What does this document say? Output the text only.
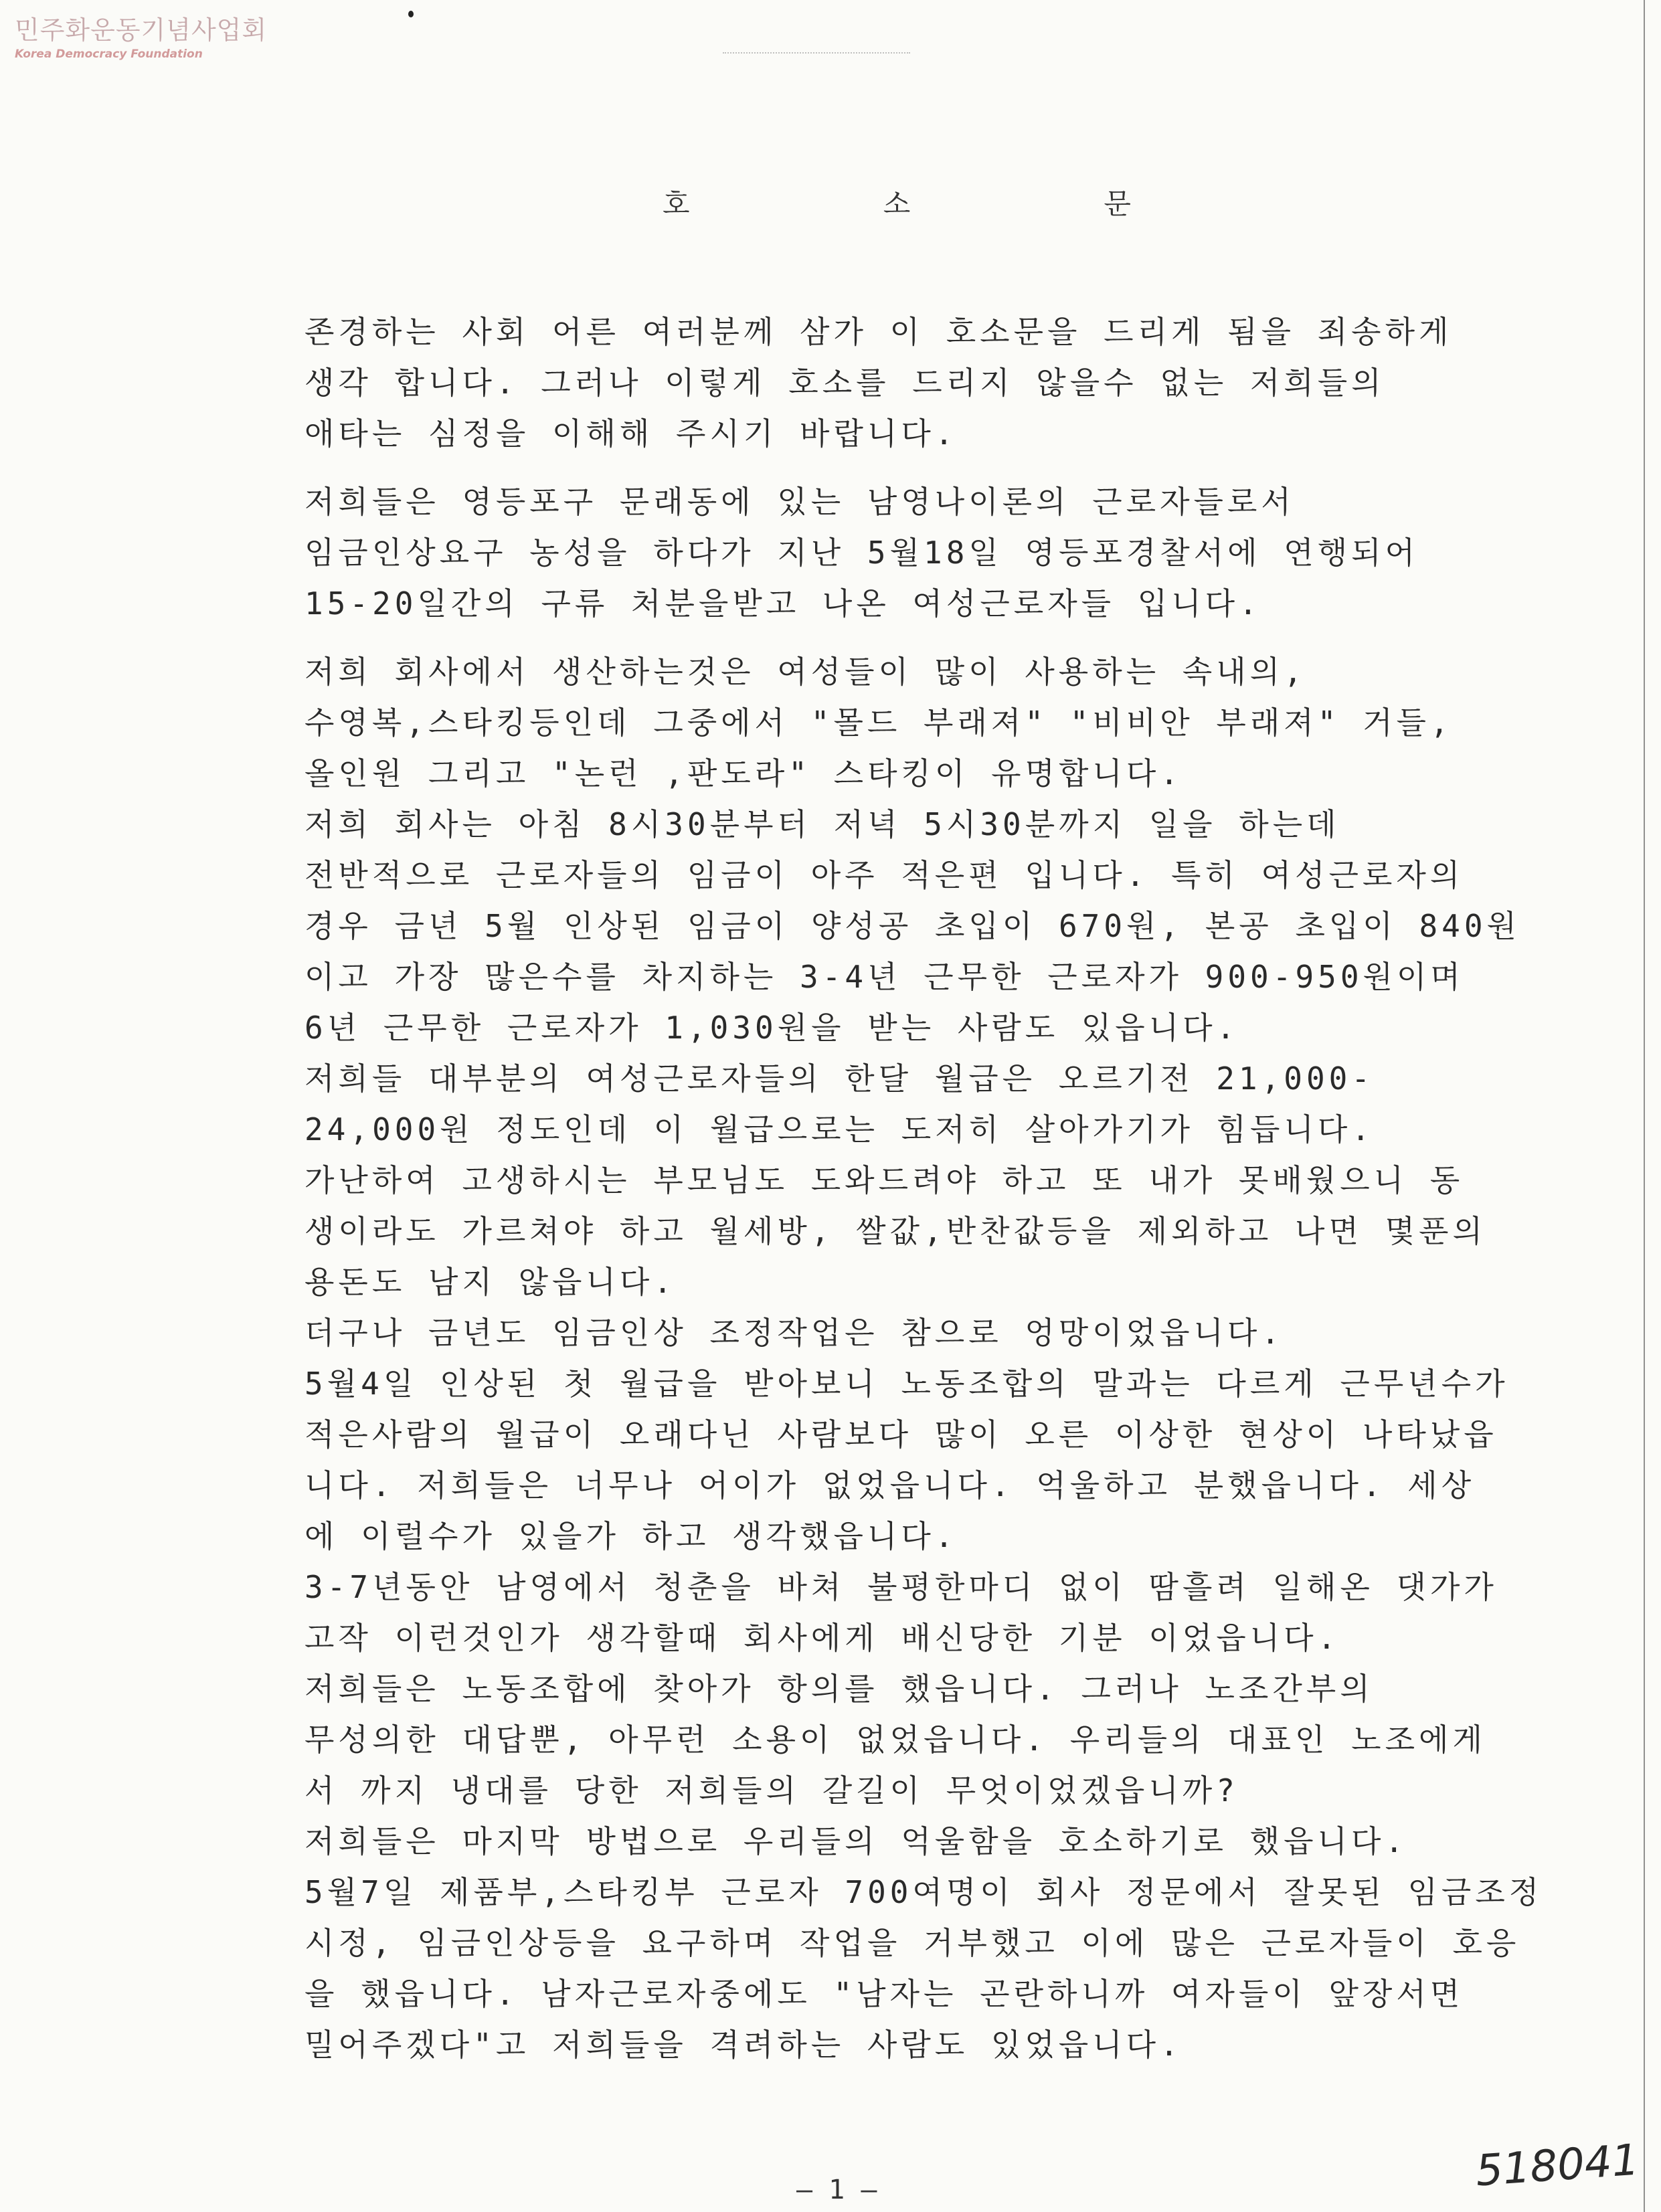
민주화운동기념사업회
Korea Democracy Foundation
호	소	문
존경하는 사회 어른 여러분께 삼가 이 호소문을 드리게 됨을 죄송하게
생각 합니다. 그러나 이렇게 호소를 드리지 않을수 없는 저희들의
애타는 심정을 이해해 주시기 바랍니다.
저희들은 영등포구 문래동에 있는 남영나이론의 근로자들로서
임금인상요구 농성을 하다가 지난 5월18일 영등포경찰서에 연행되어
15-20일간의 구류 처분을받고 나온 여성근로자들 입니다.
저희 회사에서 생산하는것은 여성들이 많이 사용하는 속내의,
수영복,스타킹등인데 그중에서 "몰드 부래져" "비비안 부래져" 거들,
올인원 그리고 "논런 ,판도라" 스타킹이 유명합니다.
저희 회사는 아침 8시30분부터 저녁 5시30분까지 일을 하는데
전반적으로 근로자들의 임금이 아주 적은편 입니다. 특히 여성근로자의
경우 금년 5월 인상된 임금이 양성공 초입이 670원, 본공 초입이 840원
이고 가장 많은수를 차지하는 3-4년 근무한 근로자가 900-950원이며
6년 근무한 근로자가 1,030원을 받는 사람도 있읍니다.
저희들 대부분의 여성근로자들의 한달 월급은 오르기전 21,000-
24,000원 정도인데 이 월급으로는 도저히 살아가기가 힘듭니다.
가난하여 고생하시는 부모님도 도와드려야 하고 또 내가 못배웠으니 동
생이라도 가르쳐야 하고 월세방, 쌀값,반찬값등을 제외하고 나면 몇푼의
용돈도 남지 않읍니다.
더구나 금년도 임금인상 조정작업은 참으로 엉망이었읍니다.
5월4일 인상된 첫 월급을 받아보니 노동조합의 말과는 다르게 근무년수가
적은사람의 월급이 오래다닌 사람보다 많이 오른 이상한 현상이 나타났읍
니다. 저희들은 너무나 어이가 없었읍니다. 억울하고 분했읍니다. 세상
에 이럴수가 있을가 하고 생각했읍니다.
3-7년동안 남영에서 청춘을 바쳐 불평한마디 없이 땀흘려 일해온 댓가가
고작 이런것인가 생각할때 회사에게 배신당한 기분 이었읍니다.
저희들은 노동조합에 찾아가 항의를 했읍니다. 그러나 노조간부의
무성의한 대답뿐, 아무런 소용이 없었읍니다. 우리들의 대표인 노조에게
서 까지 냉대를 당한 저희들의 갈길이 무엇이었겠읍니까?
저희들은 마지막 방법으로 우리들의 억울함을 호소하기로 했읍니다.
5월7일 제품부,스타킹부 근로자 700여명이 회사 정문에서 잘못된 임금조정
시정, 임금인상등을 요구하며 작업을 거부했고 이에 많은 근로자들이 호응
을 했읍니다. 남자근로자중에도 "남자는 곤란하니까 여자들이 앞장서면
밀어주겠다"고 저희들을 격려하는 사람도 있었읍니다.
— 1 —	518041
